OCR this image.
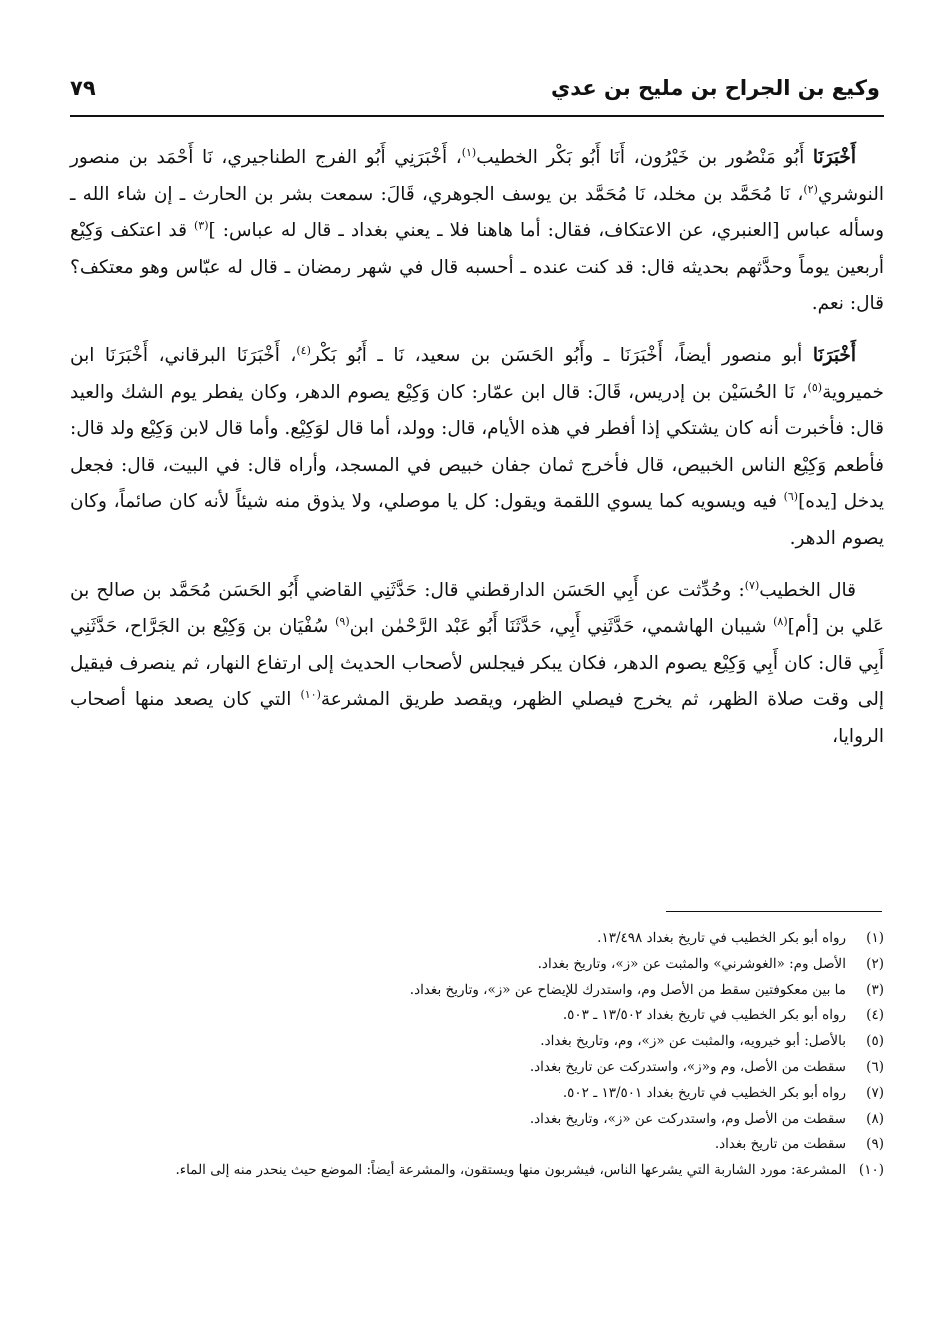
وكيع بن الجراح بن مليح بن عدي
٧٩

أَخْبَرَنَا أَبُو مَنْصُور بن خَيْرُون، أَنَا أَبُو بَكْر الخطيب$^{(١)}$، أَخْبَرَنِي أَبُو الفرج الطناجيري، نَا أَحْمَد بن منصور النوشري$^{(٢)}$، نَا مُحَمَّد بن مخلد، نَا مُحَمَّد بن يوسف الجوهري، قَالَ: سمعت بشر بن الحارث ـ إن شاء الله ـ وسأله عباس [العنبري، عن الاعتكاف، فقال: أما هاهنا فلا ـ يعني بغداد ـ قال له عباس: ]$^{(٣)}$ قد اعتكف وَكِيْع أربعين يوماً وحدَّثهم بحديثه قال: قد كنت عنده ـ أحسبه قال في شهر رمضان ـ قال له عبّاس وهو معتكف؟ قال: نعم.

أَخْبَرَنَا أبو منصور أيضاً، أَخْبَرَنَا ـ وأَبُو الحَسَن بن سعيد، نَا ـ أَبُو بَكْر$^{(٤)}$، أَخْبَرَنَا البرقاني، أَخْبَرَنَا ابن خميروية$^{(٥)}$، نَا الحُسَيْن بن إدريس، قَالَ: قال ابن عمّار: كان وَكِيْع يصوم الدهر، وكان يفطر يوم الشك والعيد قال: فأخبرت أنه كان يشتكي إذا أفطر في هذه الأيام، قال: وولد، أما قال لوَكِيْع. وأما قال لابن وَكِيْع ولد قال: فأطعم وَكِيْع الناس الخبيص، قال فأخرج ثمان جفان خبيص في المسجد، وأراه قال: في البيت، قال: فجعل يدخل [يده]$^{(٦)}$ فيه ويسويه كما يسوي اللقمة ويقول: كل يا موصلي، ولا يذوق منه شيئاً لأنه كان صائماً، وكان يصوم الدهر.

قال الخطيب$^{(٧)}$: وحُدِّثت عن أَبِي الحَسَن الدارقطني قال: حَدَّثَنِي القاضي أَبُو الحَسَن مُحَمَّد بن صالح بن عَلي بن [أم]$^{(٨)}$ شيبان الهاشمي، حَدَّثَنِي أَبِي، حَدَّثَنَا أَبُو عَبْد الرَّحْمٰن ابن$^{(٩)}$ سُفْيَان بن وَكِيْع بن الجَرَّاح، حَدَّثَنِي أَبِي قال: كان أَبِي وَكِيْع يصوم الدهر، فكان يبكر فيجلس لأصحاب الحديث إلى ارتفاع النهار، ثم ينصرف فيقيل إلى وقت صلاة الظهر، ثم يخرج فيصلي الظهر، ويقصد طريق المشرعة$^{(١٠)}$ التي كان يصعد منها أصحاب الروايا،

(١)
رواه أبو بكر الخطيب في تاريخ بغداد ١٣/٤٩٨.
(٢)
الأصل وم: «الغوشرني» والمثبت عن «ز»، وتاريخ بغداد.
(٣)
ما بين معكوفتين سقط من الأصل وم، واستدرك للإيضاح عن «ز»، وتاريخ بغداد.
(٤)
رواه أبو بكر الخطيب في تاريخ بغداد ١٣/٥٠٢ ـ ٥٠٣.
(٥)
بالأصل: أبو خيرويه، والمثبت عن «ز»، وم، وتاريخ بغداد.
(٦)
سقطت من الأصل، وم و«ز»، واستدركت عن تاريخ بغداد.
(٧)
رواه أبو بكر الخطيب في تاريخ بغداد ١٣/٥٠١ ـ ٥٠٢.
(٨)
سقطت من الأصل وم، واستدركت عن «ز»، وتاريخ بغداد.
(٩)
سقطت من تاريخ بغداد.
(١٠)
المشرعة: مورد الشاربة التي يشرعها الناس، فيشربون منها ويستقون، والمشرعة أيضاً: الموضع حيث ينحدر منه إلى الماء.
